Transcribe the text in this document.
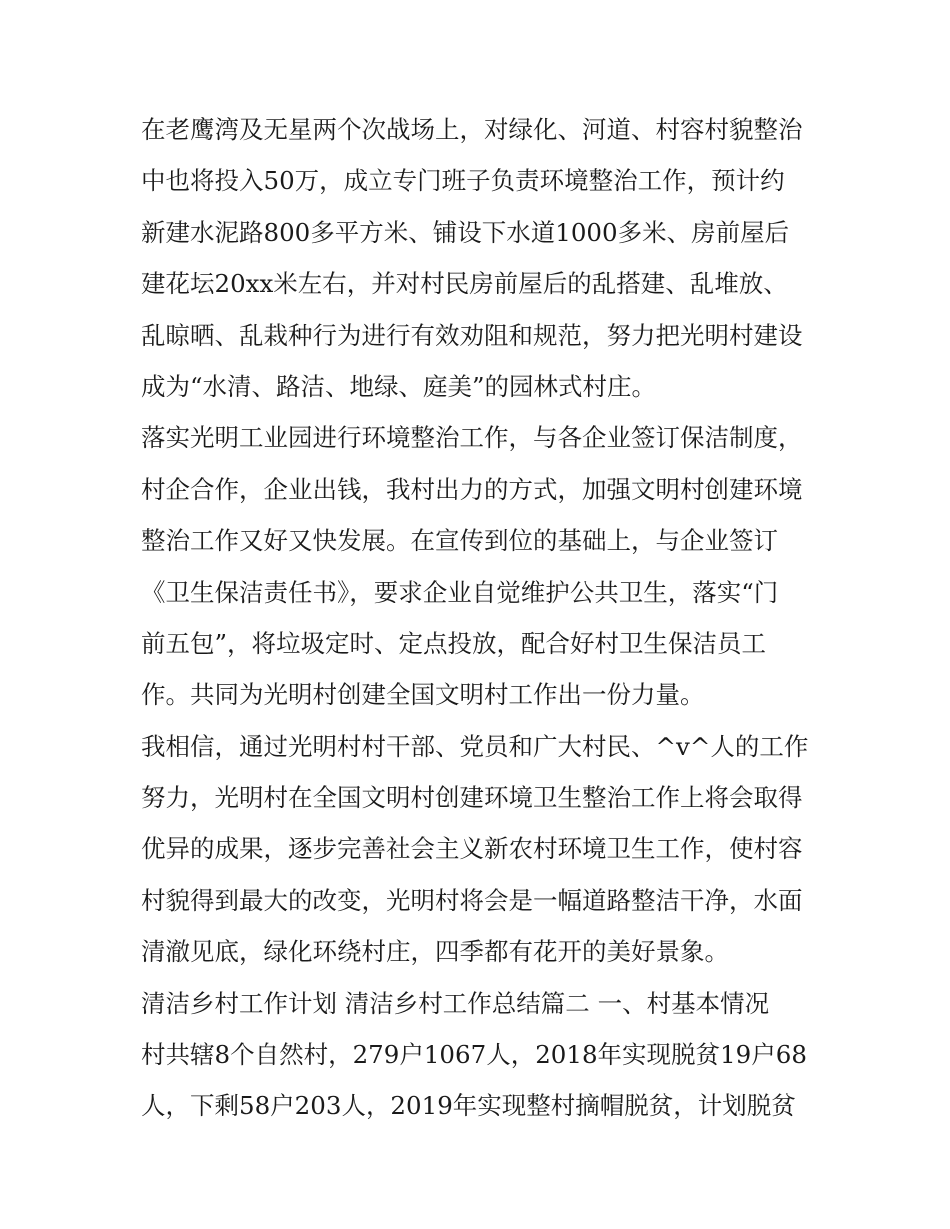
在老鹰湾及无星两个次战场上，对绿化、河道、村容村貌整治
中也将投入50万，成立专门班子负责环境整治工作，预计约
新建水泥路800多平方米、铺设下水道1000多米、房前屋后
建花坛20xx米左右，并对村民房前屋后的乱搭建、乱堆放、
乱晾晒、乱栽种行为进行有效劝阻和规范，努力把光明村建设
成为“水清、路洁、地绿、庭美”的园林式村庄。
落实光明工业园进行环境整治工作，与各企业签订保洁制度，
村企合作，企业出钱，我村出力的方式，加强文明村创建环境
整治工作又好又快发展。在宣传到位的基础上，与企业签订
《卫生保洁责任书》，要求企业自觉维护公共卫生，落实“门
前五包”，将垃圾定时、定点投放，配合好村卫生保洁员工
作。共同为光明村创建全国文明村工作出一份力量。
我相信，通过光明村村干部、党员和广大村民、^v^人的工作
努力，光明村在全国文明村创建环境卫生整治工作上将会取得
优异的成果，逐步完善社会主义新农村环境卫生工作，使村容
村貌得到最大的改变，光明村将会是一幅道路整洁干净，水面
清澈见底，绿化环绕村庄，四季都有花开的美好景象。
清洁乡村工作计划 清洁乡村工作总结篇二 一、村基本情况
村共辖8个自然村，279户1067人，2018年实现脱贫19户68
人，下剩58户203人，2019年实现整村摘帽脱贫，计划脱贫
